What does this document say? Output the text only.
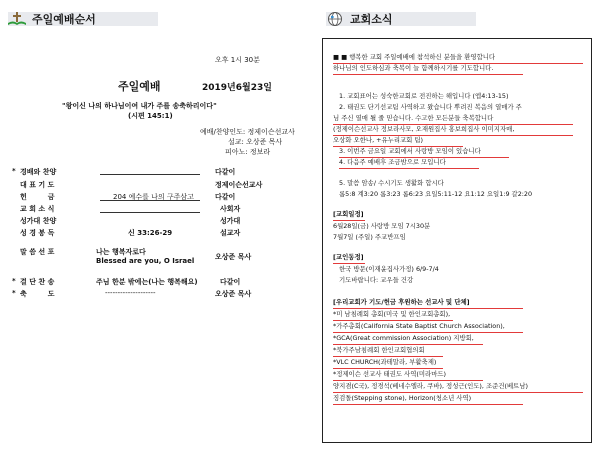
주일예배순서	교회소식
오후 1시 30분
주일예배	2019년6월23일
"왕이신 나의 하나님이여 내가 주를 송축하리이다"
(시편 145:1)
예배/찬양인도: 정제이슨선교사
설교: 오상준 목사
피아노: 정보라
* 경배와 찬양	다같이
대 표 기 도	정제이슨선교사
헌　　　금	204 예수를 나의 구주삼고	다같이
교 회 소 식	사회자
성가대 찬양	성가대
성 경 봉 독	신 33:26-29	설교자
말 씀 선 포	나는 행복자로다
Blessed are you, O Israel	오상준 목사
* 결 단 찬 송	주님 한분 밖에는(나는 행복해요)	다같이
* 축　　　도	--------------------	오상준 목사
■ ■ 행복한 교회 주일예배에 참석하신 분들을 환영합니다
하나님의 인도하심과 축복이 늘 함께하시기를 기도합니다.
1. 교회표어는 성숙한교회로 전진하는 해입니다 (엡4:13-15)
2. 태권도 단기선교팀 사역하고 왔습니다 뿌려진 복음의 열매가 주
님 주신 열매 될 줄 믿습니다. 수고한 모든분들 축복합니다
(정제이슨선교사 정보라사모, 오재원집사 홍보희집사 이미지자매,
오상화 오한나, +유누리교회 팀)
3. 이번주 금요일 교회에서 사랑방 모임이 있습니다
4. 다음주 예배후 조금밤으로 모입니다
5. 말씀 암송/ 수시기도 생활화 합시다
롬5:8 계3:20 롬3:23 롬6:23 요일5:11-12 요1:12 요일1:9 갈2:20
[교회일정]
6월28일(금) 사랑방 모임 7시30분
7월7일 (주일) 주교반프임
[교인동정]
한국 방문(이재윤집사가정) 6/9-7/4
기도바랍니다: 교우들 건강
[우리교회가 기도/헌금 후원하는 선교사 및 단체]
*미 남침례회 총회(미국 및 한인교회총회),
*가주총회(California State Baptist Church Association),
*GCA(Great commission Association) 지방회,
*북가주남침례회 한인교회협의회
*VLC CHURCH(과테말라, 부활축제)
*정제이슨 선교사 태권도 사역(미라마드)
양지겸(C국), 정경석(베네수엘라, 쿠바), 정성근(인도), 조준건(베트남)
징검돌(Stepping stone), Horizon(청소년 사역)
